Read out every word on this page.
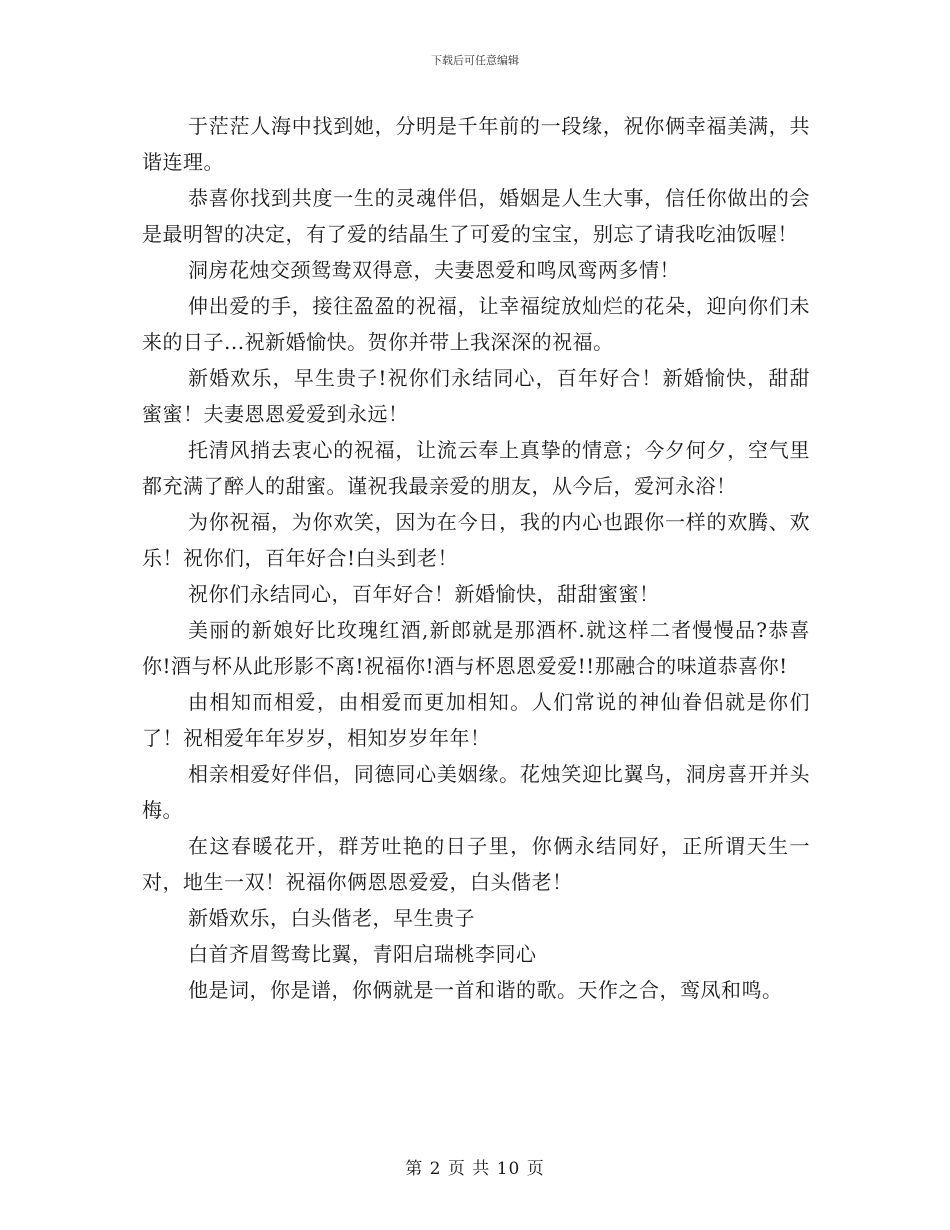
下载后可任意编辑

于茫茫人海中找到她，分明是千年前的一段缘，祝你俩幸福美满，共谐连理。

恭喜你找到共度一生的灵魂伴侣，婚姻是人生大事，信任你做出的会是最明智的决定，有了爱的结晶生了可爱的宝宝，别忘了请我吃油饭喔！

洞房花烛交颈鸳鸯双得意，夫妻恩爱和鸣凤鸾两多情！

伸出爱的手，接往盈盈的祝福，让幸福绽放灿烂的花朵，迎向你们未来的日子...祝新婚愉快。贺你并带上我深深的祝福。

新婚欢乐，早生贵子!祝你们永结同心，百年好合！新婚愉快，甜甜蜜蜜！夫妻恩恩爱爱到永远！

托清风捎去衷心的祝福，让流云奉上真挚的情意；今夕何夕，空气里都充满了醉人的甜蜜。谨祝我最亲爱的朋友，从今后，爱河永浴！

为你祝福，为你欢笑，因为在今日，我的内心也跟你一样的欢腾、欢乐！祝你们，百年好合!白头到老！

祝你们永结同心，百年好合！新婚愉快，甜甜蜜蜜！

美丽的新娘好比玫瑰红酒,新郎就是那酒杯.就这样二者慢慢品?恭喜你!酒与杯从此形影不离!祝福你!酒与杯恩恩爱爱!!那融合的味道恭喜你!

由相知而相爱，由相爱而更加相知。人们常说的神仙眷侣就是你们了！祝相爱年年岁岁，相知岁岁年年！

相亲相爱好伴侣，同德同心美姻缘。花烛笑迎比翼鸟，洞房喜开并头梅。

在这春暖花开，群芳吐艳的日子里，你俩永结同好，正所谓天生一对，地生一双！祝福你俩恩恩爱爱，白头偕老！

新婚欢乐，白头偕老，早生贵子

白首齐眉鸳鸯比翼，青阳启瑞桃李同心

他是词，你是谱，你俩就是一首和谐的歌。天作之合，鸾凤和鸣。

第 2 页 共 10 页
